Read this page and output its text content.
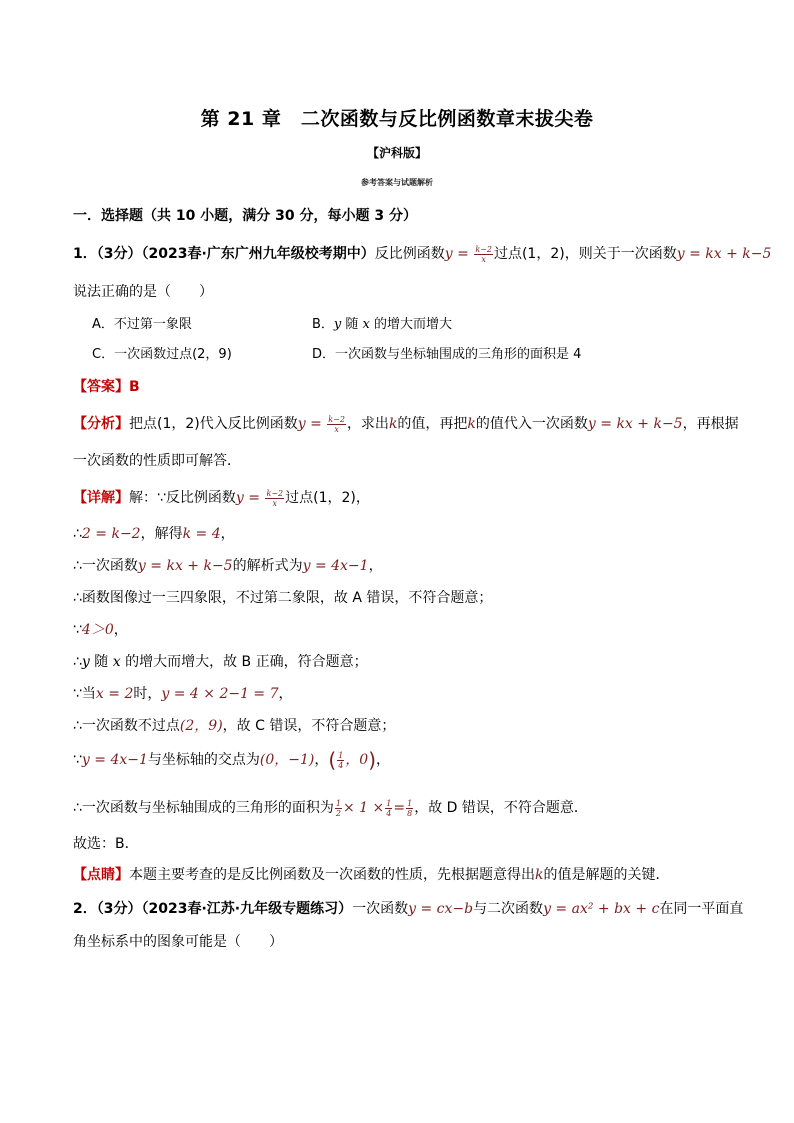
第 21 章　二次函数与反比例函数章末拔尖卷
【沪科版】
参考答案与试题解析
一．选择题（共 10 小题，满分 30 分，每小题 3 分）
1．（3分）（2023春·广东广州九年级校考期中）反比例函数$y = \frac{k-2}{x}$ 过点(1，2)，则关于一次函数y = kx + k−5
说法正确的是（　　）
A．不过第一象限	B．y 随 x 的增大而增大
C．一次函数过点(2，9)	D．一次函数与坐标轴围成的三角形的面积是 4
【答案】B
【分析】把点(1，2)代入反比例函数$y = \frac{k-2}{x}$ ，求出k的值，再把k的值代入一次函数y = kx + k−5，再根据
一次函数的性质即可解答．
【详解】解：∵反比例函数$y = \frac{k-2}{x}$ 过点(1，2)，
∴2 = k−2，解得k = 4，
∴一次函数y = kx + k−5的解析式为y = 4x−1，
∴函数图像过一三四象限，不过第二象限，故 A 错误，不符合题意；
∵4＞0，
∴y 随 x 的增大而增大，故 B 正确，符合题意；
∵当x = 2时，y = 4 × 2−1 = 7，
∴一次函数不过点(2，9)，故 C 错误，不符合题意；
∵y = 4x−1与坐标轴的交点为(0，−1)，( $\frac{1}{4}$ ，0)，
∴一次函数与坐标轴围成的三角形的面积为 $\frac{1}{2} \times 1 \times \frac{1}{4} = \frac{1}{8}$ ，故 D 错误，不符合题意．
故选：B．
【点睛】本题主要考查的是反比例函数及一次函数的性质，先根据题意得出k的值是解题的关键．
2．（3分）（2023春·江苏·九年级专题练习）一次函数y = cx−b与二次函数y = ax² + bx + c在同一平面直
角坐标系中的图象可能是（　　）
